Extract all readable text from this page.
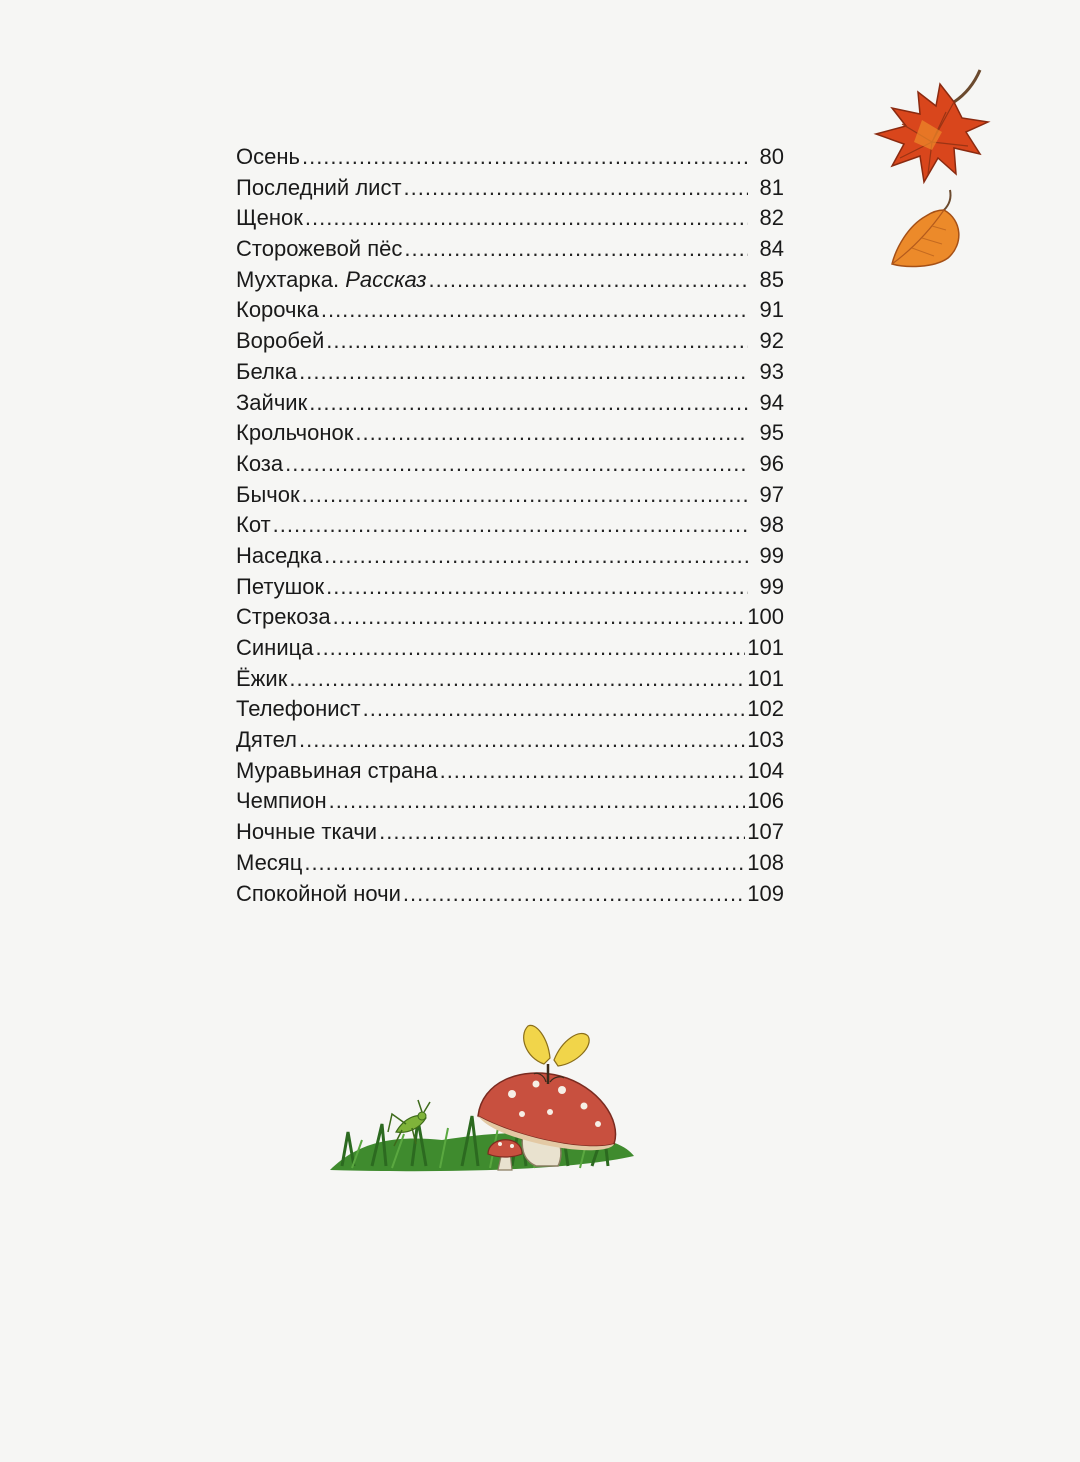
Осень .....	80
Последний лист .....	81
Щенок .....	82
Сторожевой пёс .....	84
Мухтарка. Рассказ .....	85
Корочка .....	91
Воробей .....	92
Белка .....	93
Зайчик .....	94
Крольчонок .....	95
Коза .....	96
Бычок .....	97
Кот .....	98
Наседка .....	99
Петушок .....	99
Стрекоза .....	100
Синица .....	101
Ёжик .....	101
Телефонист .....	102
Дятел .....	103
Муравьиная страна .....	104
Чемпион .....	106
Ночные ткачи .....	107
Месяц .....	108
Спокойной ночи .....	109
